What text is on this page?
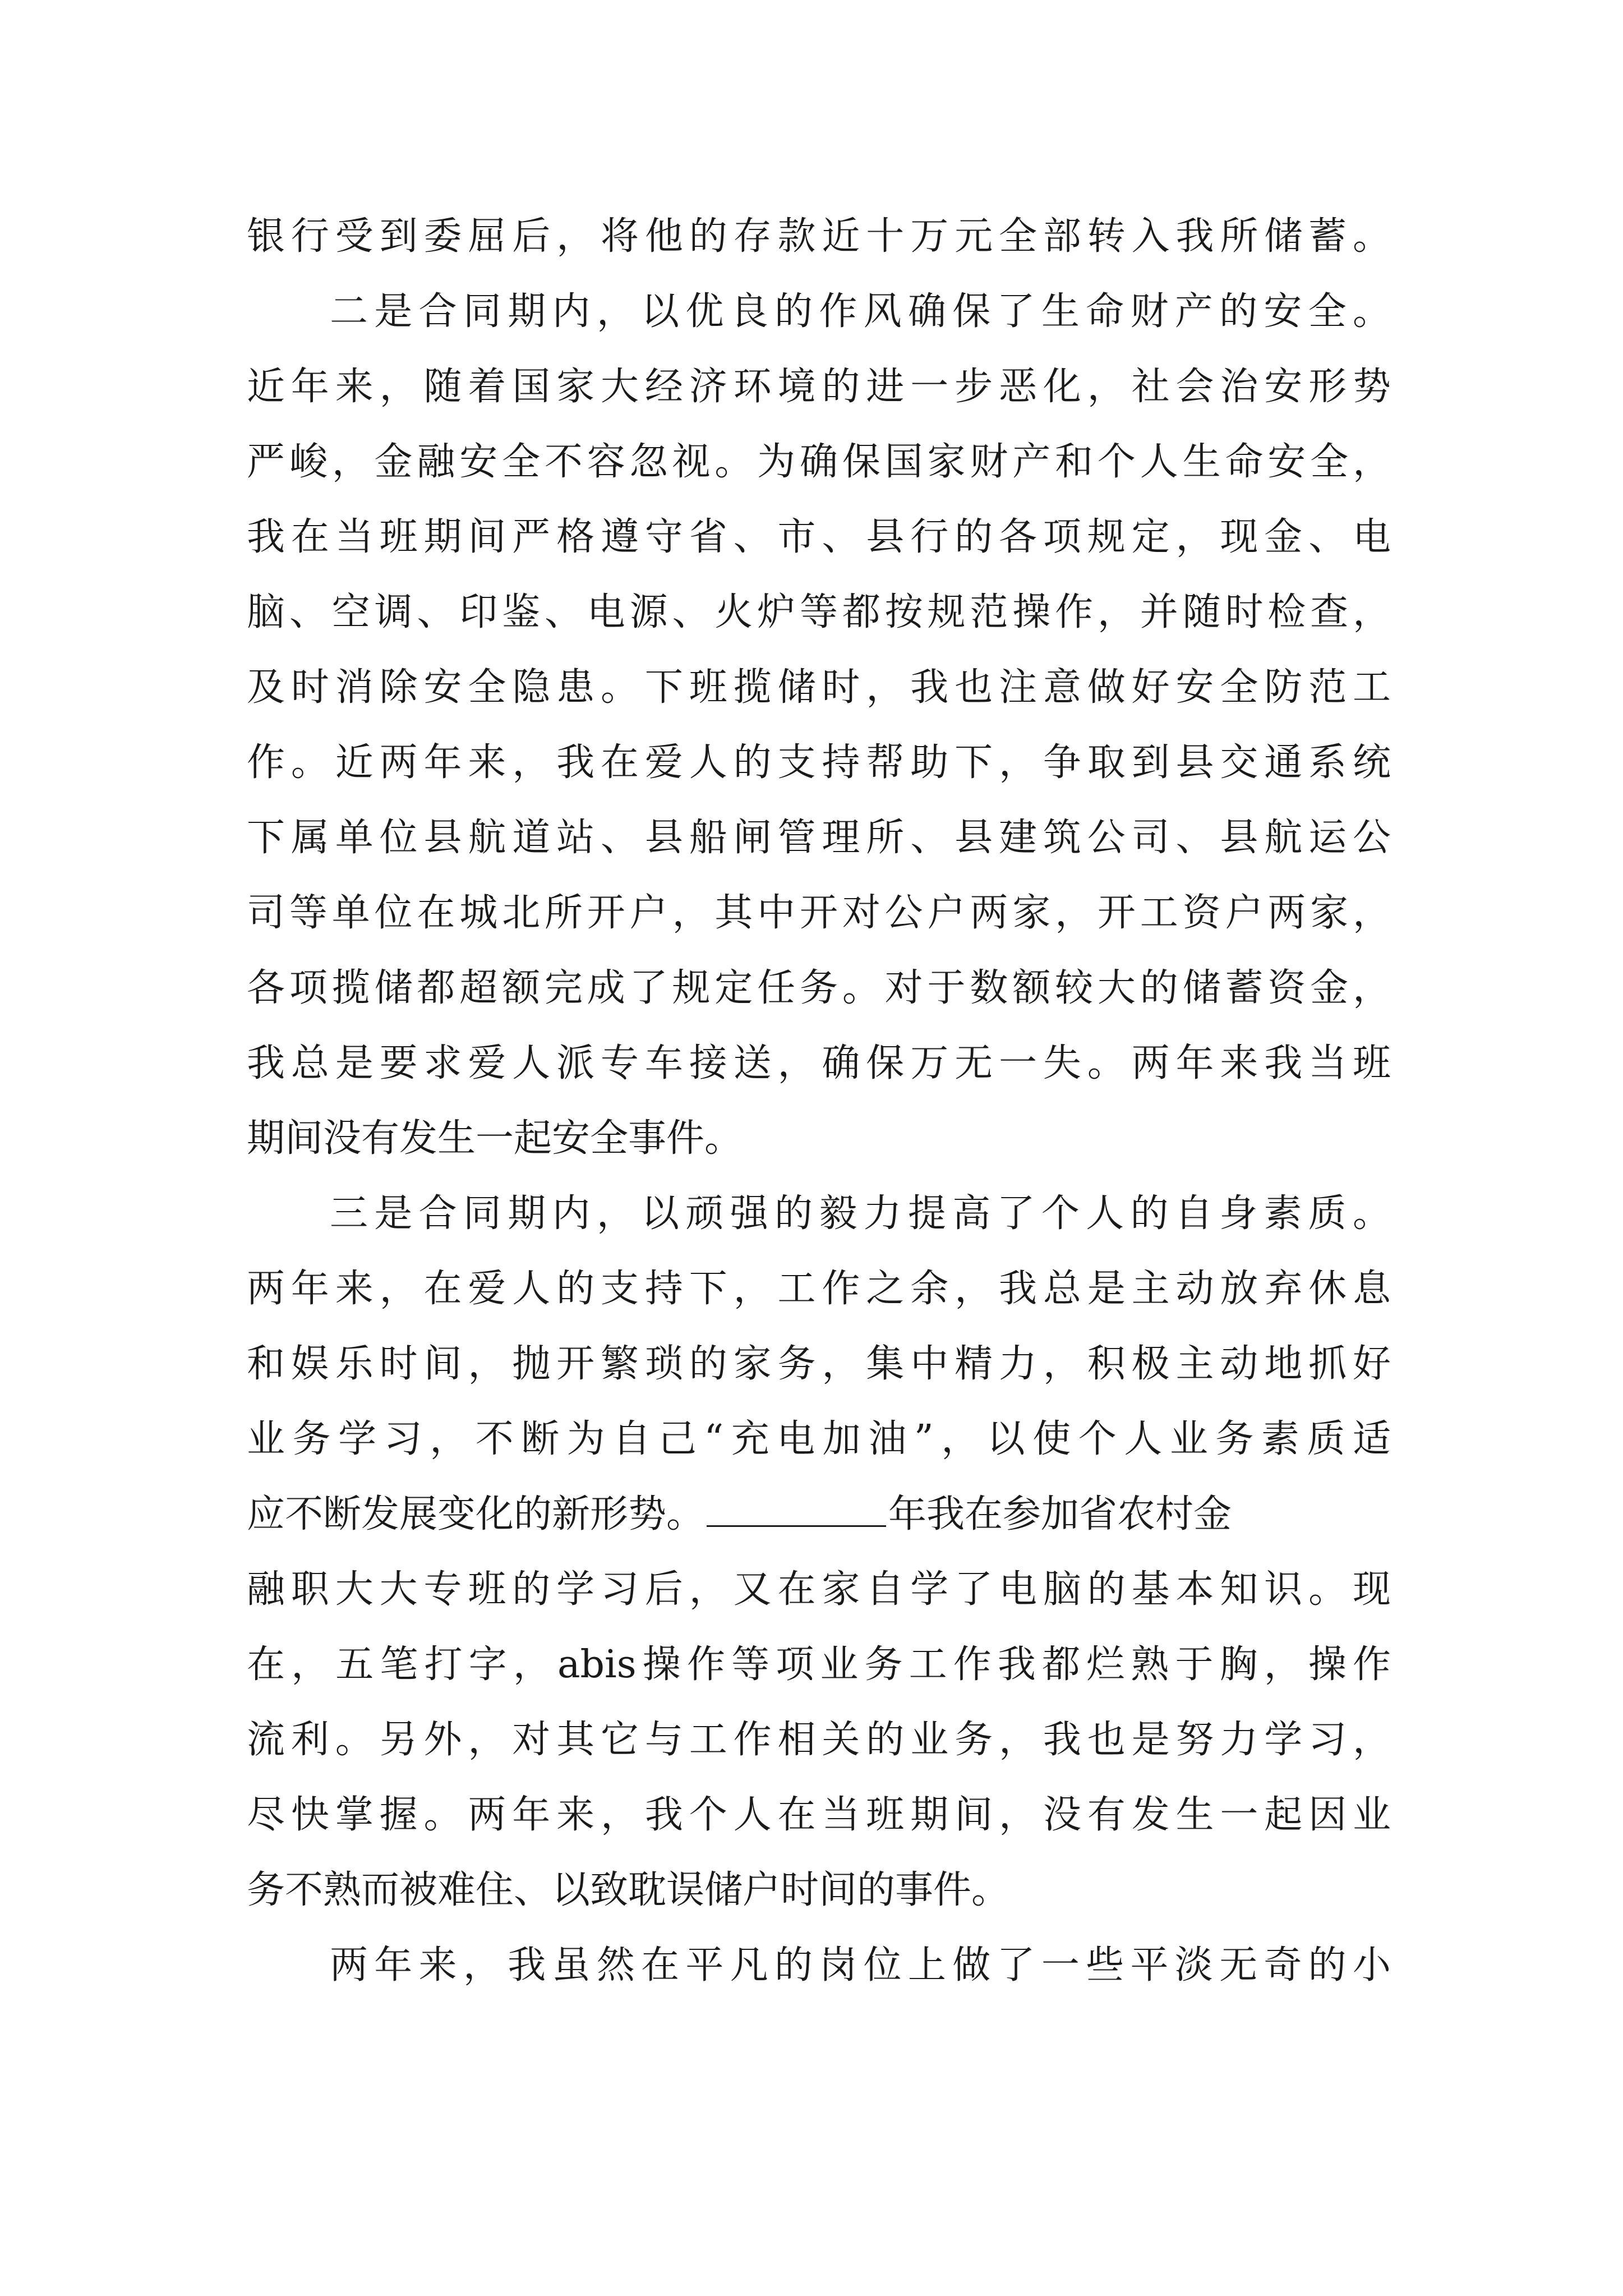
银行受到委屈后，将他的存款近十万元全部转入我所储蓄。
二是合同期内，以优良的作风确保了生命财产的安全。
近年来，随着国家大经济环境的进一步恶化，社会治安形势
严峻，金融安全不容忽视。为确保国家财产和个人生命安全，
我在当班期间严格遵守省、市、县行的各项规定，现金、电
脑、空调、印鉴、电源、火炉等都按规范操作，并随时检查，
及时消除安全隐患。下班揽储时，我也注意做好安全防范工
作。近两年来，我在爱人的支持帮助下，争取到县交通系统
下属单位县航道站、县船闸管理所、县建筑公司、县航运公
司等单位在城北所开户，其中开对公户两家，开工资户两家，
各项揽储都超额完成了规定任务。对于数额较大的储蓄资金，
我总是要求爱人派专车接送，确保万无一失。两年来我当班
期间没有发生一起安全事件。
三是合同期内，以顽强的毅力提高了个人的自身素质。
两年来，在爱人的支持下，工作之余，我总是主动放弃休息
和娱乐时间，抛开繁琐的家务，集中精力，积极主动地抓好
业务学习，不断为自己“充电加油”，以使个人业务素质适
应不断发展变化的新形势。	年我在参加省农村金
融职大大专班的学习后，又在家自学了电脑的基本知识。现
在，五笔打字，abis操作等项业务工作我都烂熟于胸，操作
流利。另外，对其它与工作相关的业务，我也是努力学习，
尽快掌握。两年来，我个人在当班期间，没有发生一起因业
务不熟而被难住、以致耽误储户时间的事件。
两年来，我虽然在平凡的岗位上做了一些平淡无奇的小
